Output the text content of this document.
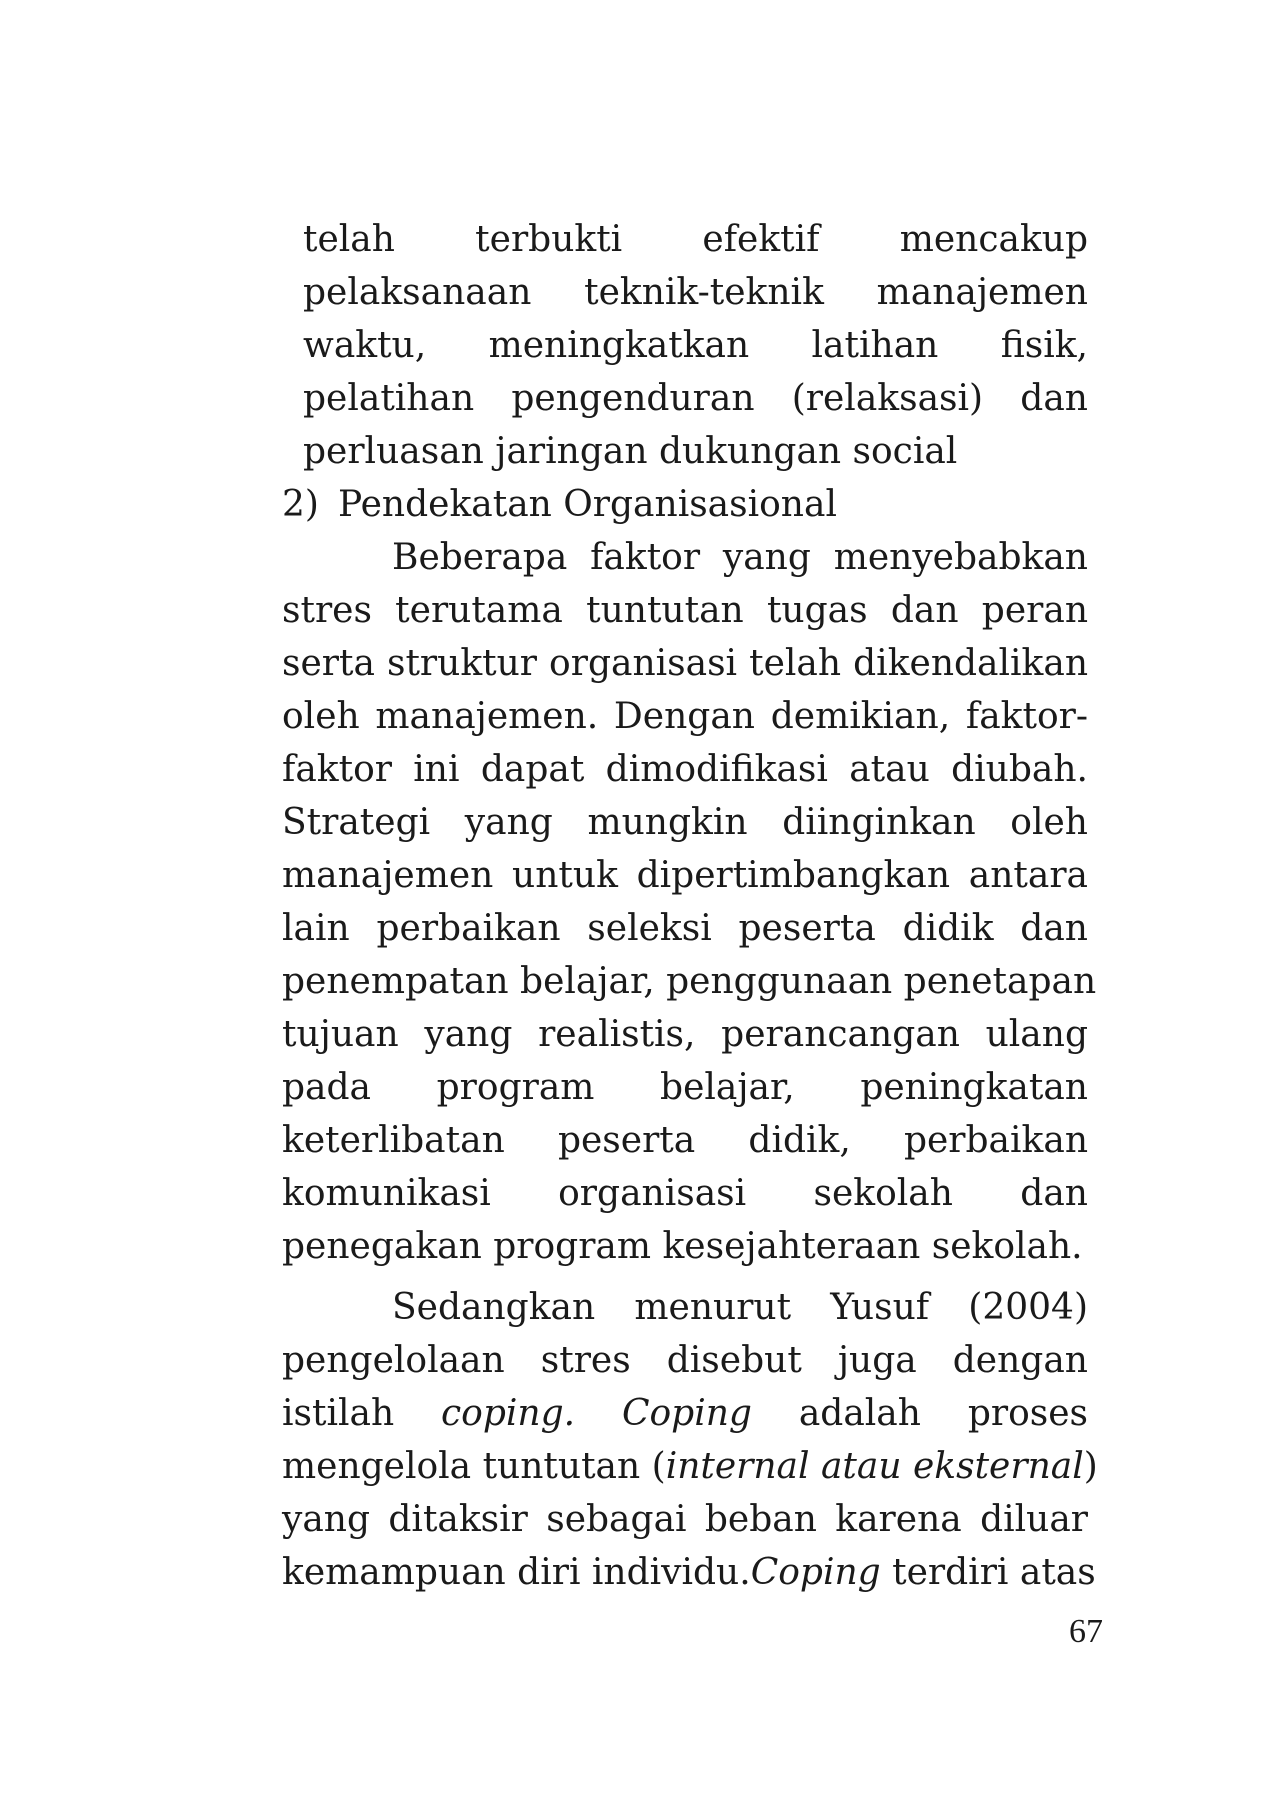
telah terbukti efektif mencakup
pelaksanaan teknik-teknik manajemen
waktu, meningkatkan latihan fisik,
pelatihan pengenduran (relaksasi) dan
perluasan jaringan dukungan social
2) Pendekatan Organisasional
Beberapa faktor yang menyebabkan
stres terutama tuntutan tugas dan peran
serta struktur organisasi telah dikendalikan
oleh manajemen. Dengan demikian, faktor-
faktor ini dapat dimodifikasi atau diubah.
Strategi yang mungkin diinginkan oleh
manajemen untuk dipertimbangkan antara
lain perbaikan seleksi peserta didik dan
penempatan belajar, penggunaan penetapan
tujuan yang realistis, perancangan ulang
pada program belajar, peningkatan
keterlibatan peserta didik, perbaikan
komunikasi organisasi sekolah dan
penegakan program kesejahteraan sekolah.
Sedangkan menurut Yusuf (2004)
pengelolaan stres disebut juga dengan
istilah coping. Coping adalah proses
mengelola tuntutan ( internal atau eksternal)
yang ditaksir sebagai beban karena diluar
kemampuan diri individu. Coping terdiri atas
67
